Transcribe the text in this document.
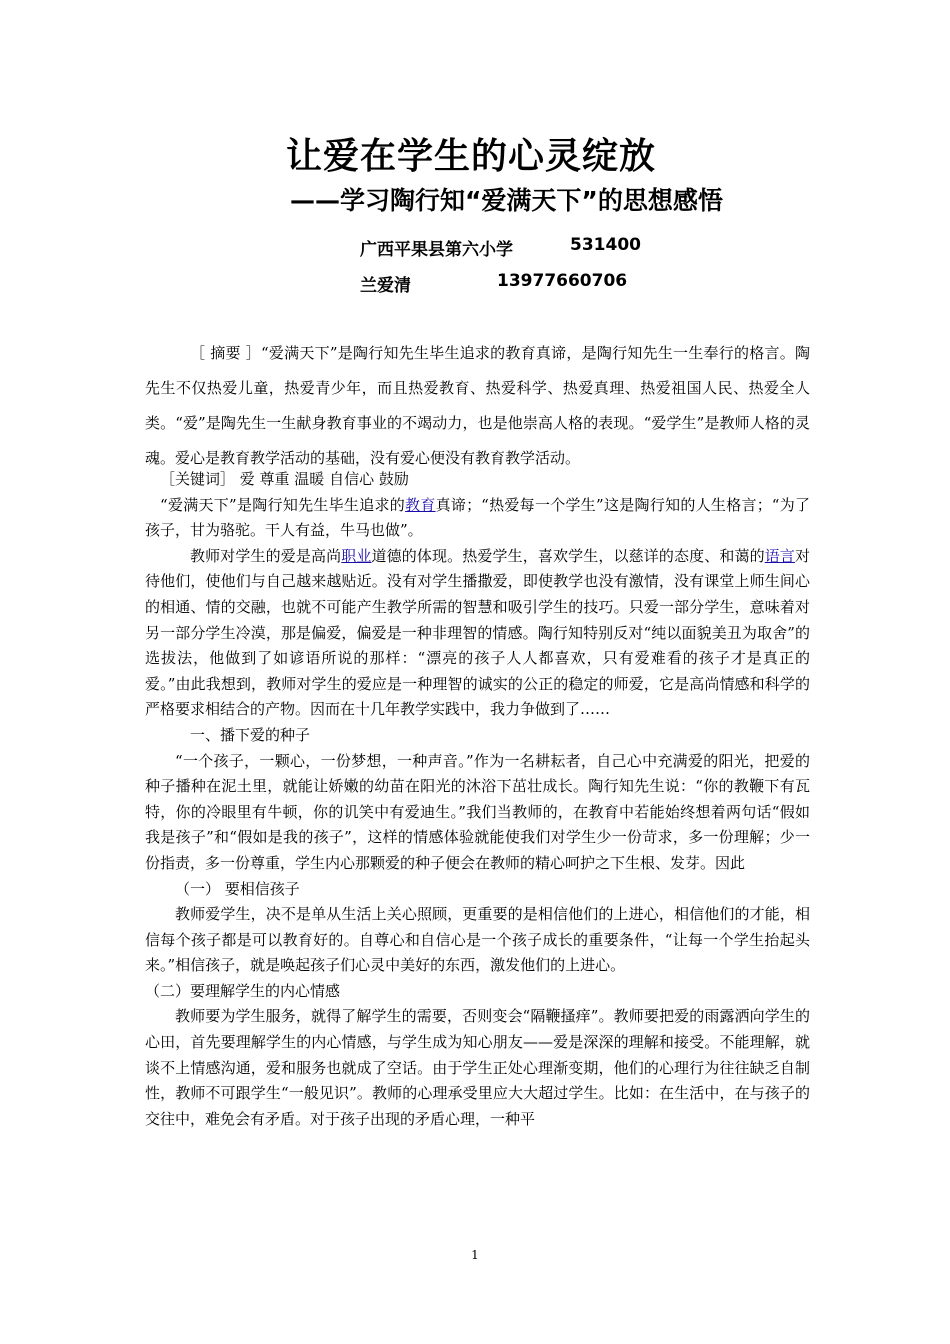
让爱在学生的心灵绽放
——学习陶行知“爱满天下”的思想感悟
广西平果县第六小学	531400
兰爱清	13977660706

［ 摘要 ］“爱满天下”是陶行知先生毕生追求的教育真谛，是陶行知先生一生奉行的格言。陶先生不仅热爱儿童，热爱青少年，而且热爱教育、热爱科学、热爱真理、热爱祖国人民、热爱全人类。“爱”是陶先生一生献身教育事业的不竭动力，也是他崇高人格的表现。“爱学生”是教师人格的灵魂。爱心是教育教学活动的基础，没有爱心便没有教育教学活动。

［关键词］ 爱 尊重 温暖 自信心 鼓励

“爱满天下”是陶行知先生毕生追求的教育真谛；“热爱每一个学生”这是陶行知的人生格言；“为了孩子，甘为骆驼。干人有益，牛马也做”。

教师对学生的爱是高尚职业道德的体现。热爱学生，喜欢学生，以慈详的态度、和蔼的语言对待他们，使他们与自己越来越贴近。没有对学生播撒爱，即使教学也没有激情，没有课堂上师生间心的相通、情的交融，也就不可能产生教学所需的智慧和吸引学生的技巧。只爱一部分学生，意味着对另一部分学生冷漠，那是偏爱，偏爱是一种非理智的情感。陶行知特别反对“纯以面貌美丑为取舍”的选拔法，他做到了如谚语所说的那样：“漂亮的孩子人人都喜欢，只有爱难看的孩子才是真正的爱。”由此我想到，教师对学生的爱应是一种理智的诚实的公正的稳定的师爱，它是高尚情感和科学的严格要求相结合的产物。因而在十几年教学实践中，我力争做到了……

一、播下爱的种子

“一个孩子，一颗心，一份梦想，一种声音。”作为一名耕耘者，自己心中充满爱的阳光，把爱的种子播种在泥土里，就能让娇嫩的幼苗在阳光的沐浴下茁壮成长。陶行知先生说：“你的教鞭下有瓦特，你的冷眼里有牛顿，你的讥笑中有爱迪生。”我们当教师的，在教育中若能始终想着两句话“假如我是孩子”和“假如是我的孩子”，这样的情感体验就能使我们对学生少一份苛求，多一份理解；少一份指责，多一份尊重，学生内心那颗爱的种子便会在教师的精心呵护之下生根、发芽。因此

（一） 要相信孩子

教师爱学生，决不是单从生活上关心照顾，更重要的是相信他们的上进心，相信他们的才能，相信每个孩子都是可以教育好的。自尊心和自信心是一个孩子成长的重要条件，“让每一个学生抬起头来。”相信孩子，就是唤起孩子们心灵中美好的东西，激发他们的上进心。

（二）要理解学生的内心情感

教师要为学生服务，就得了解学生的需要，否则变会“隔鞭搔痒”。教师要把爱的雨露洒向学生的心田，首先要理解学生的内心情感，与学生成为知心朋友——爱是深深的理解和接受。不能理解，就谈不上情感沟通，爱和服务也就成了空话。由于学生正处心理渐变期，他们的心理行为往往缺乏自制性，教师不可跟学生“一般见识”。教师的心理承受里应大大超过学生。比如：在生活中，在与孩子的交往中，难免会有矛盾。对于孩子出现的矛盾心理，一种平

1
